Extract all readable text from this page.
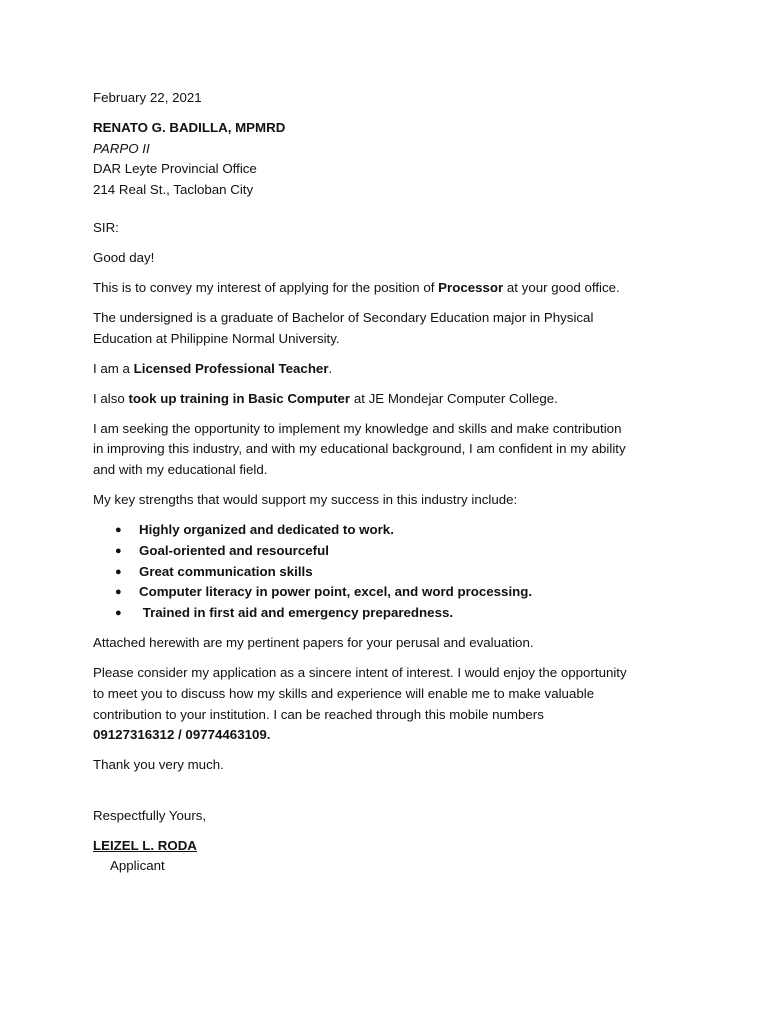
February 22, 2021

RENATO G. BADILLA, MPMRD
PARPO II
DAR Leyte Provincial Office
214 Real St., Tacloban City

SIR:

Good day!

This is to convey my interest of applying for the position of Processor at your good office.

The undersigned is a graduate of Bachelor of Secondary Education major in Physical
Education at Philippine Normal University.

I am a Licensed Professional Teacher.

I also took up training in Basic Computer at JE Mondejar Computer College.

I am seeking the opportunity to implement my knowledge and skills and make contribution
in improving this industry, and with my educational background, I am confident in my ability
and with my educational field.

My key strengths that would support my success in this industry include:

● Highly organized and dedicated to work.
● Goal-oriented and resourceful
● Great communication skills
● Computer literacy in power point, excel, and word processing.
● Trained in first aid and emergency preparedness.

Attached herewith are my pertinent papers for your perusal and evaluation.

Please consider my application as a sincere intent of interest. I would enjoy the opportunity
to meet you to discuss how my skills and experience will enable me to make valuable
contribution to your institution. I can be reached through this mobile numbers
09127316312 / 09774463109.

Thank you very much.

Respectfully Yours,

LEIZEL L. RODA
Applicant
